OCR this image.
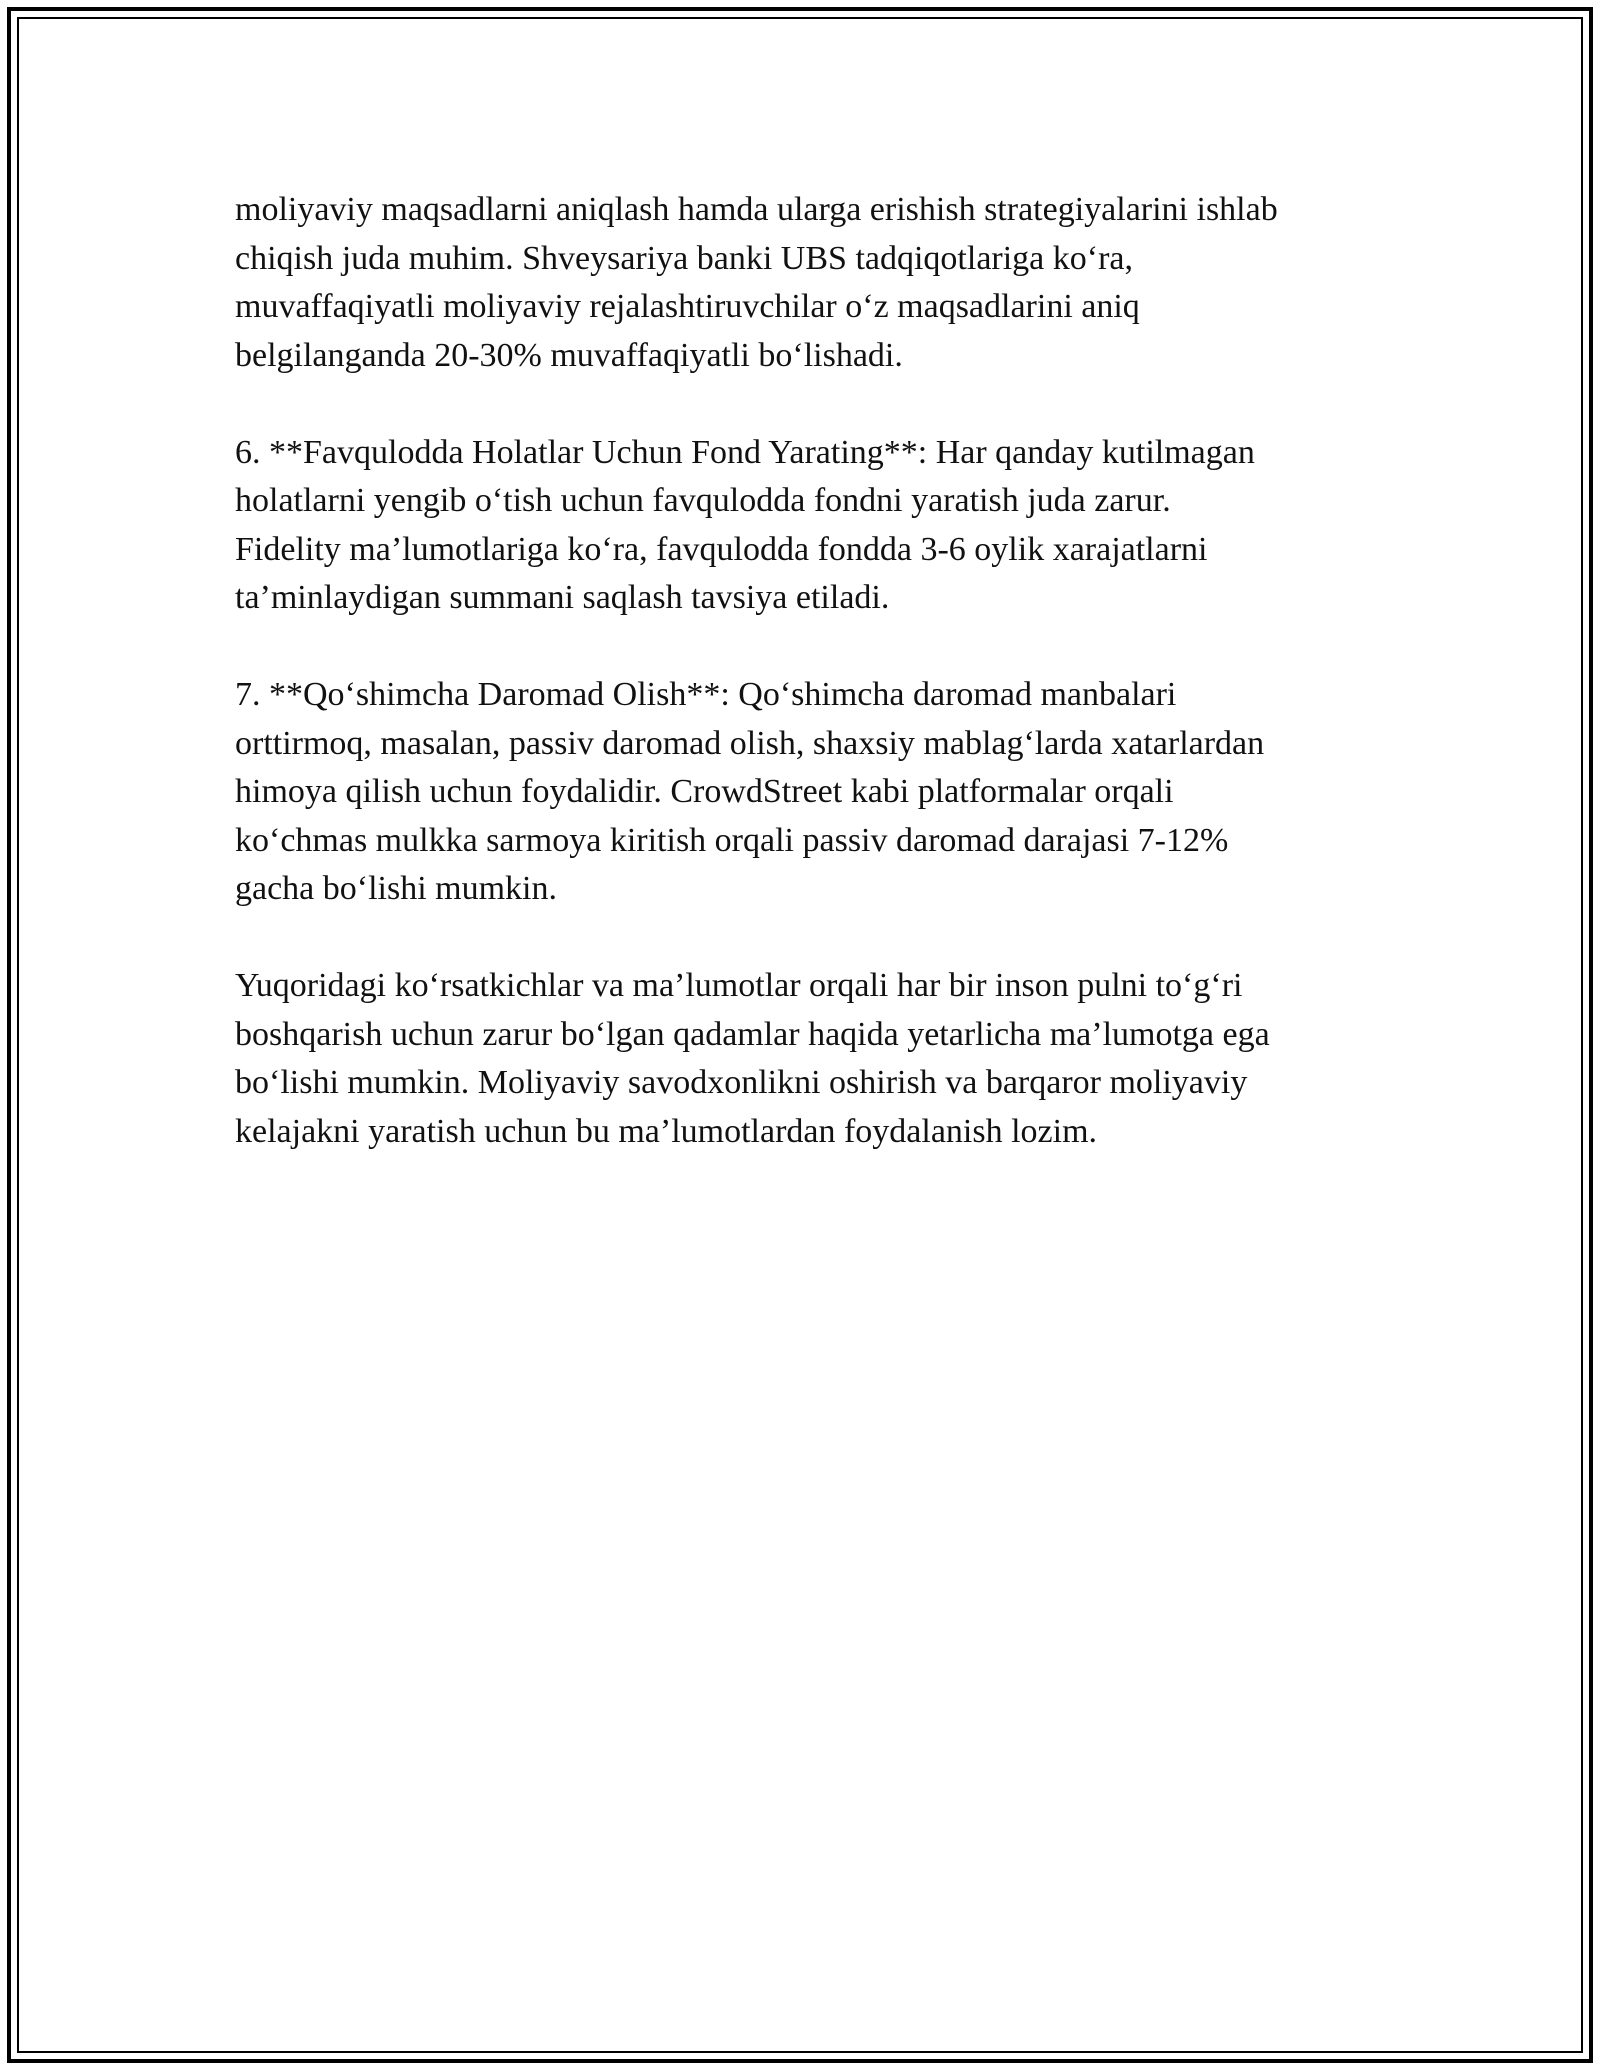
moliyaviy maqsadlarni aniqlash hamda ularga erishish strategiyalarini ishlab
chiqish juda muhim. Shveysariya banki UBS tadqiqotlariga ko‘ra,
muvaffaqiyatli moliyaviy rejalashtiruvchilar o‘z maqsadlarini aniq
belgilanganda 20-30% muvaffaqiyatli bo‘lishadi.

6. **Favqulodda Holatlar Uchun Fond Yarating**: Har qanday kutilmagan
holatlarni yengib o‘tish uchun favqulodda fondni yaratish juda zarur.
Fidelity ma’lumotlariga ko‘ra, favqulodda fondda 3-6 oylik xarajatlarni
ta’minlaydigan summani saqlash tavsiya etiladi.

7. **Qo‘shimcha Daromad Olish**: Qo‘shimcha daromad manbalari
orttirmoq, masalan, passiv daromad olish, shaxsiy mablag‘larda xatarlardan
himoya qilish uchun foydalidir. CrowdStreet kabi platformalar orqali
ko‘chmas mulkka sarmoya kiritish orqali passiv daromad darajasi 7-12%
gacha bo‘lishi mumkin.

Yuqoridagi ko‘rsatkichlar va ma’lumotlar orqali har bir inson pulni to‘g‘ri
boshqarish uchun zarur bo‘lgan qadamlar haqida yetarlicha ma’lumotga ega
bo‘lishi mumkin. Moliyaviy savodxonlikni oshirish va barqaror moliyaviy
kelajakni yaratish uchun bu ma’lumotlardan foydalanish lozim.
